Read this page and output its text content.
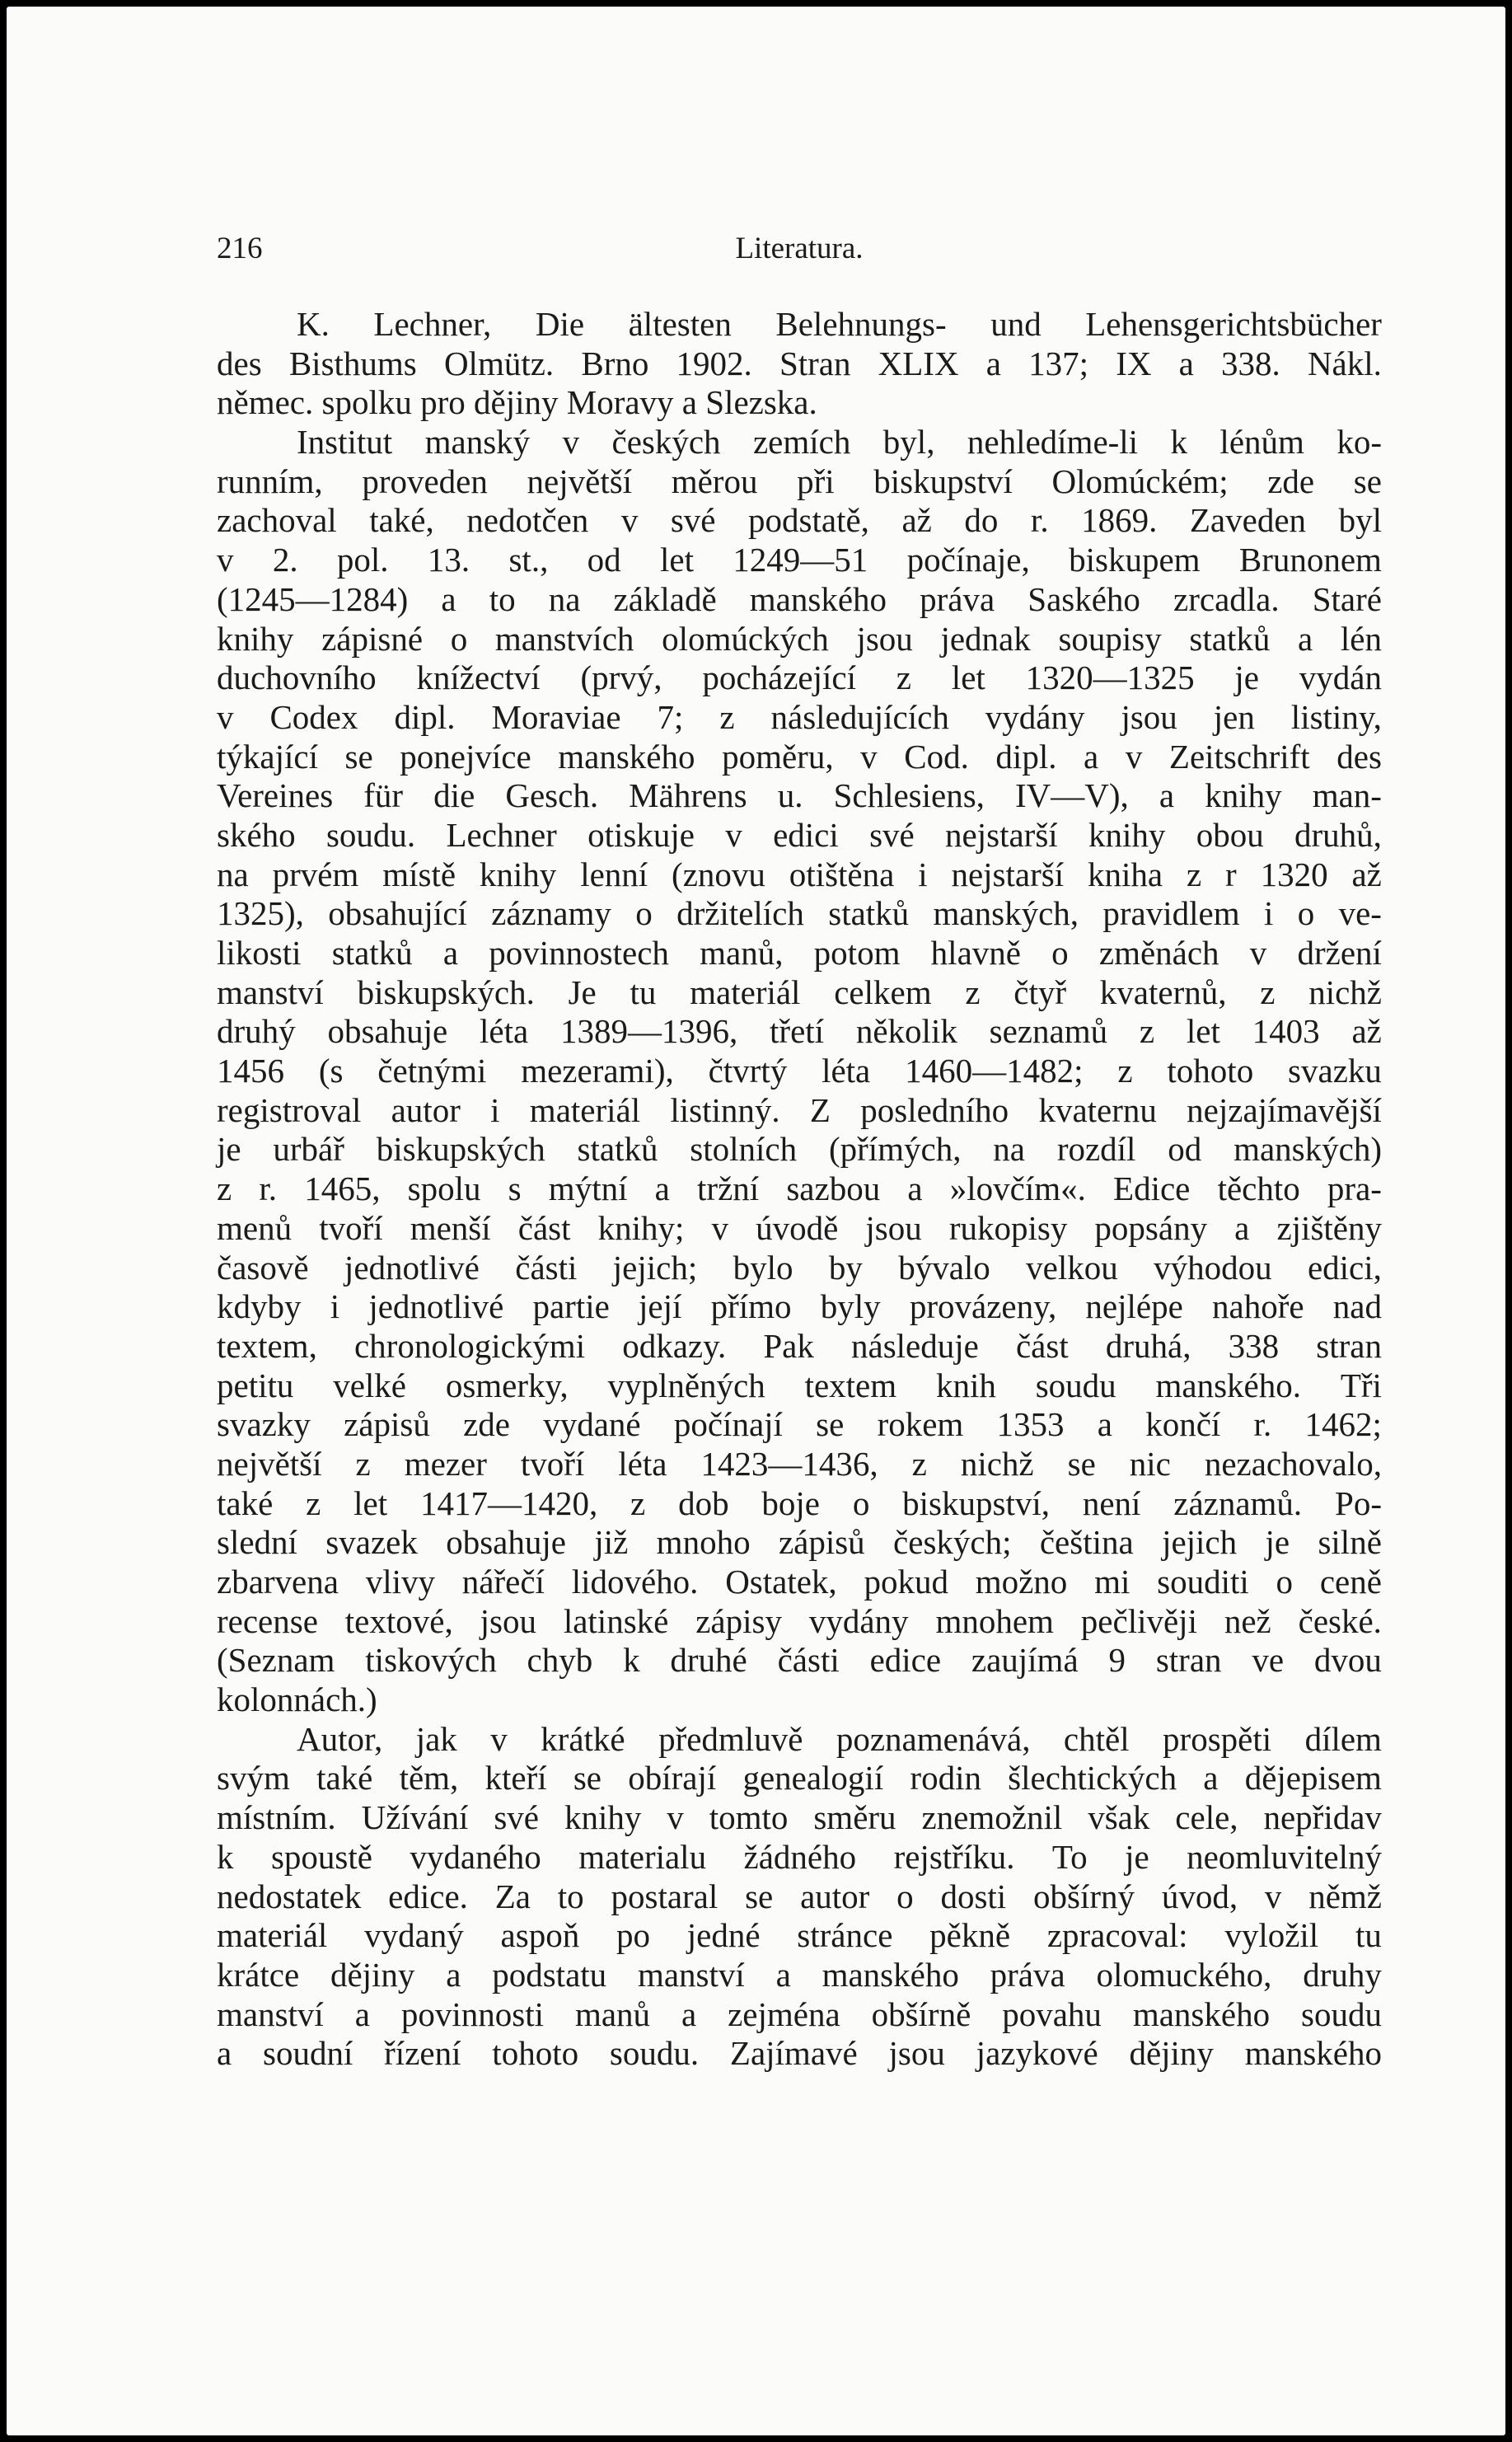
216	Literatura.
K. Lechner, Die ältesten Belehnungs- und Lehensgerichtsbücher
des Bisthums Olmütz. Brno 1902. Stran XLIX a 137; IX a 338. Nákl.
němec. spolku pro dějiny Moravy a Slezska.
Institut manský v českých zemích byl, nehledíme-li k lénům ko-
runním, proveden největší měrou při biskupství Olomúckém; zde se
zachoval také, nedotčen v své podstatě, až do r. 1869. Zaveden byl
v 2. pol. 13. st., od let 1249—51 počínaje, biskupem Brunonem
(1245—1284) a to na základě manského práva Saského zrcadla. Staré
knihy zápisné o manstvích olomúckých jsou jednak soupisy statků a lén
duchovního knížectví (prvý, pocházející z let 1320—1325 je vydán
v Codex dipl. Moraviae 7; z následujících vydány jsou jen listiny,
týkající se ponejvíce manského poměru, v Cod. dipl. a v Zeitschrift des
Vereines für die Gesch. Mährens u. Schlesiens, IV—V), a knihy man-
ského soudu. Lechner otiskuje v edici své nejstarší knihy obou druhů,
na prvém místě knihy lenní (znovu otištěna i nejstarší kniha z r 1320 až
1325), obsahující záznamy o držitelích statků manských, pravidlem i o ve-
likosti statků a povinnostech manů, potom hlavně o změnách v držení
manství biskupských. Je tu materiál celkem z čtyř kvaternů, z nichž
druhý obsahuje léta 1389—1396, třetí několik seznamů z let 1403 až
1456 (s četnými mezerami), čtvrtý léta 1460—1482; z tohoto svazku
registroval autor i materiál listinný. Z posledního kvaternu nejzajímavější
je urbář biskupských statků stolních (přímých, na rozdíl od manských)
z r. 1465, spolu s mýtní a tržní sazbou a »lovčím«. Edice těchto pra-
menů tvoří menší část knihy; v úvodě jsou rukopisy popsány a zjištěny
časově jednotlivé části jejich; bylo by bývalo velkou výhodou edici,
kdyby i jednotlivé partie její přímo byly provázeny, nejlépe nahoře nad
textem, chronologickými odkazy. Pak následuje část druhá, 338 stran
petitu velké osmerky, vyplněných textem knih soudu manského. Tři
svazky zápisů zde vydané počínají se rokem 1353 a končí r. 1462;
největší z mezer tvoří léta 1423—1436, z nichž se nic nezachovalo,
také z let 1417—1420, z dob boje o biskupství, není záznamů. Po-
slední svazek obsahuje již mnoho zápisů českých; čeština jejich je silně
zbarvena vlivy nářečí lidového. Ostatek, pokud možno mi souditi o ceně
recense textové, jsou latinské zápisy vydány mnohem pečlivěji než české.
(Seznam tiskových chyb k druhé části edice zaujímá 9 stran ve dvou
kolonnách.)
Autor, jak v krátké předmluvě poznamenává, chtěl prospěti dílem
svým také těm, kteří se obírají genealogií rodin šlechtických a dějepisem
místním. Užívání své knihy v tomto směru znemožnil však cele, nepřidav
k spoustě vydaného materialu žádného rejstříku. To je neomluvitelný
nedostatek edice. Za to postaral se autor o dosti obšírný úvod, v němž
materiál vydaný aspoň po jedné stránce pěkně zpracoval: vyložil tu
krátce dějiny a podstatu manství a manského práva olomuckého, druhy
manství a povinnosti manů a zejména obšírně povahu manského soudu
a soudní řízení tohoto soudu. Zajímavé jsou jazykové dějiny manského
